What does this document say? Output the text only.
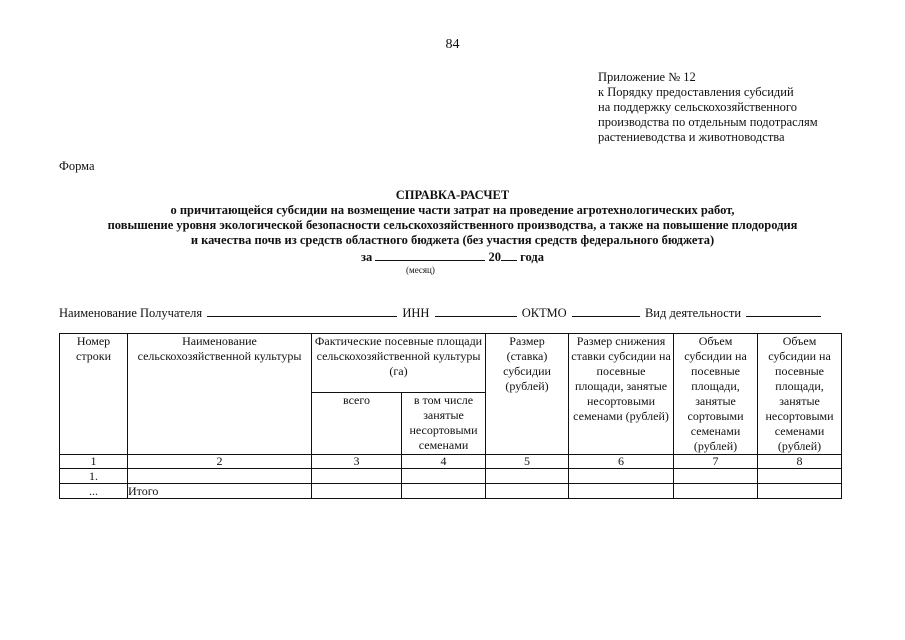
84
Приложение № 12
к Порядку предоставления субсидий
на поддержку сельскохозяйственного
производства по отдельным подотраслям
растениеводства и животноводства
Форма
СПРАВКА-РАСЧЕТ
о причитающейся субсидии на возмещение части затрат на проведение агротехнологических работ,
повышение уровня экологической безопасности сельскохозяйственного производства, а также на повышение плодородия
и качества почв из средств областного бюджета (без участия средств федерального бюджета)
за	20 года
(месяц)
Наименование Получателя	ИНН	ОКТМО	Вид деятельности
Номер строки	Наименование сельскохозяйственной культуры	Фактические посевные площади сельскохозяйственной культуры (га)		Размер (ставка) субсидии (рублей)	Размер снижения ставки субсидии на посевные площади, занятые несортовыми семенами (рублей)	Объем субсидии на посевные площади, занятые сортовыми семенами (рублей)	Объем субсидии на посевные площади, занятые несортовыми семенами (рублей)
		всего	в том числе занятые несортовыми семенами				
1	2	3	4	5	6	7	8
1.							
...	Итого						
